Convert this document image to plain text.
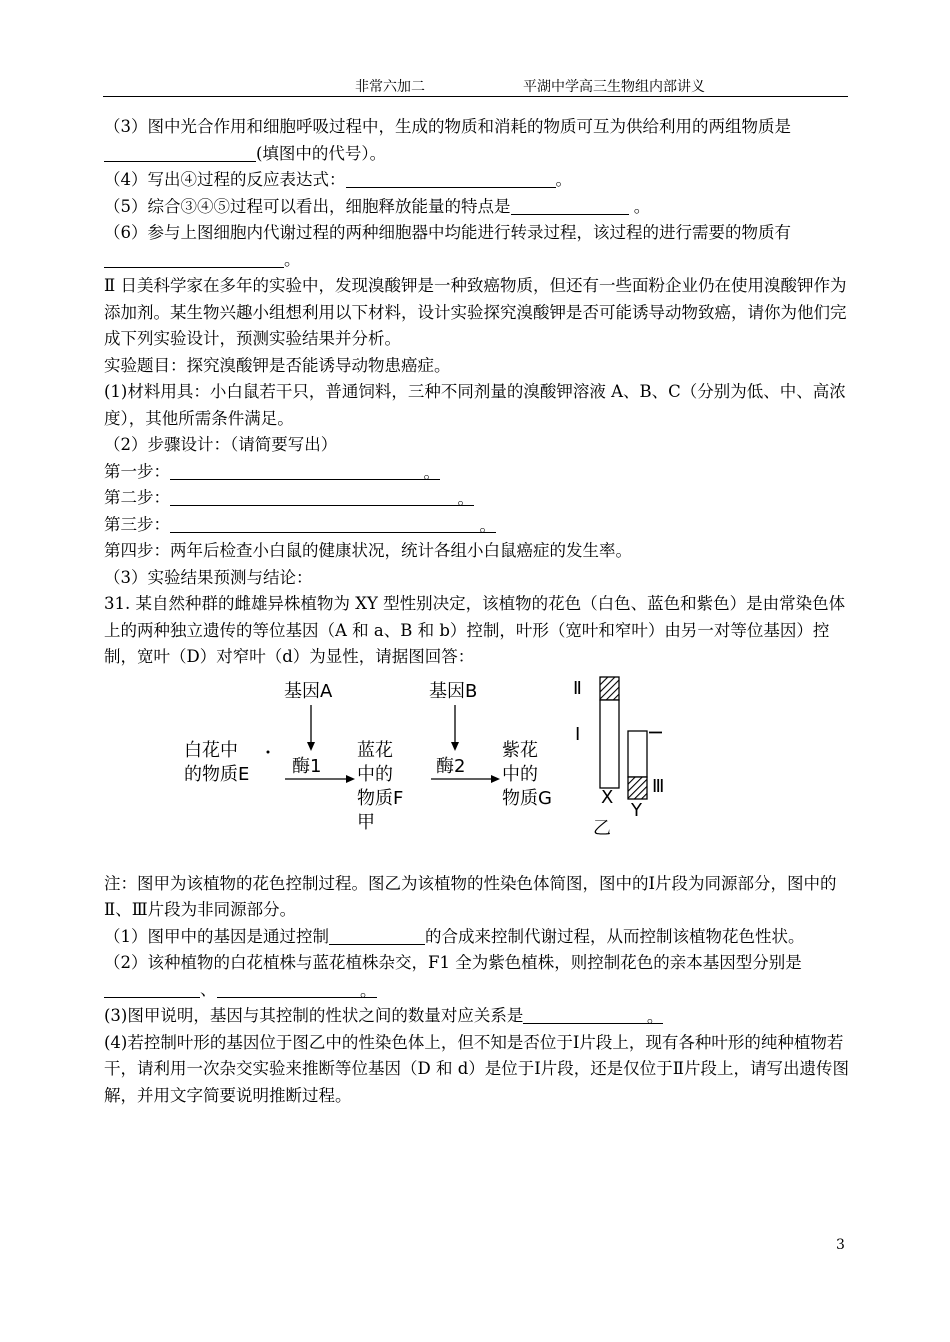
非常六加二	平湖中学高三生物组内部讲义

（3）图中光合作用和细胞呼吸过程中，生成的物质和消耗的物质可互为供给利用的两组物质是(填图中的代号）。

（4）写出④过程的反应表达式：	。

（5）综合③④⑤过程可以看出，细胞释放能量的特点是	。

（6）参与上图细胞内代谢过程的两种细胞器中均能进行转录过程，该过程的进行需要的物质有。

Ⅱ 日美科学家在多年的实验中，发现溴酸钾是一种致癌物质，但还有一些面粉企业仍在使用溴酸钾作为添加剂。某生物兴趣小组想利用以下材料，设计实验探究溴酸钾是否可能诱导动物致癌，请你为他们完成下列实验设计，预测实验结果并分析。

实验题目：探究溴酸钾是否能诱导动物患癌症。

(1)材料用具：小白鼠若干只，普通饲料，三种不同剂量的溴酸钾溶液 A、B、C（分别为低、中、高浓度），其他所需条件满足。

（2）步骤设计：（请简要写出）

第一步：	。

第二步：	。

第三步：	。

第四步：两年后检查小白鼠的健康状况，统计各组小白鼠癌症的发生率。

（3）实验结果预测与结论：

31. 某自然种群的雌雄异株植物为 XY 型性别决定，该植物的花色（白色、蓝色和紫色）是由常染色体上的两种独立遗传的等位基因（A 和 a、B 和 b）控制，叶形（宽叶和窄叶）由另一对等位基因）控制，宽叶（D）对窄叶（d）为显性，请据图回答：

基因A	基因B
白花中
的物质E 酶1	酶2
蓝花
中的
物质F
甲
紫花
中的
物质G
Ⅱ
Ⅰ	Ⅰ
Ⅲ
X
Y
乙

注：图甲为该植物的花色控制过程。图乙为该植物的性染色体简图，图中的Ⅰ片段为同源部分，图中的Ⅱ、Ⅲ片段为非同源部分。

（1）图甲中的基因是通过控制	的合成来控制代谢过程，从而控制该植物花色性状。

（2）该种植物的白花植株与蓝花植株杂交，F1 全为紫色植株，则控制花色的亲本基因型分别是、	。

(3)图甲说明，基因与其控制的性状之间的数量对应关系是	。

(4)若控制叶形的基因位于图乙中的性染色体上，但不知是否位于Ⅰ片段上，现有各种叶形的纯种植物若干，请利用一次杂交实验来推断等位基因（D 和 d）是位于Ⅰ片段，还是仅位于Ⅱ片段上，请写出遗传图解，并用文字简要说明推断过程。

3
